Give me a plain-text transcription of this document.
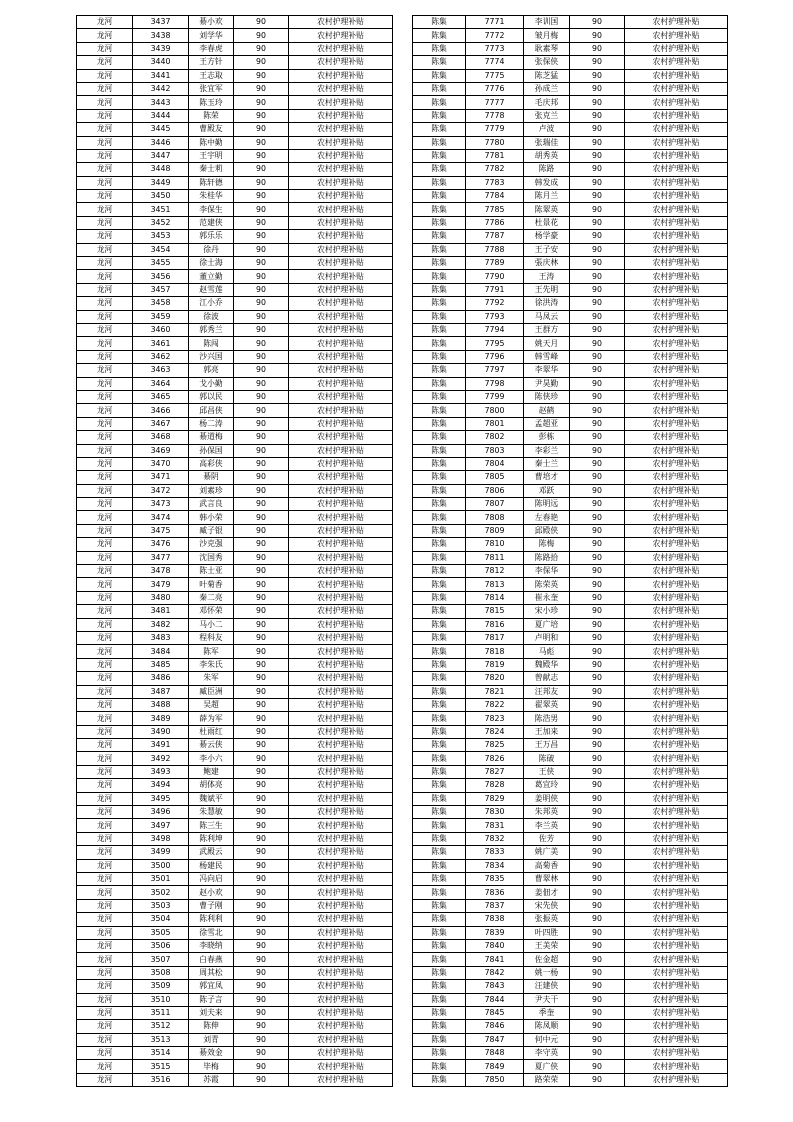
龙河	3437	綦小欢	90	农村护理补贴
龙河	3438	刘学华	90	农村护理补贴
龙河	3439	李春虎	90	农村护理补贴
龙河	3440	王方针	90	农村护理补贴
龙河	3441	王志取	90	农村护理补贴
龙河	3442	张宜军	90	农村护理补贴
龙河	3443	陈玉玲	90	农村护理补贴
龙河	3444	陈荣	90	农村护理补贴
龙河	3445	曹殿友	90	农村护理补贴
龙河	3446	陈中勤	90	农村护理补贴
龙河	3447	王宇明	90	农村护理补贴
龙河	3448	秦士莉	90	农村护理补贴
龙河	3449	陈轩德	90	农村护理补贴
龙河	3450	朱桂华	90	农村护理补贴
龙河	3451	李保生	90	农村护理补贴
龙河	3452	范建侠	90	农村护理补贴
龙河	3453	郭乐乐	90	农村护理补贴
龙河	3454	徐丹	90	农村护理补贴
龙河	3455	徐士海	90	农村护理补贴
龙河	3456	董立勤	90	农村护理补贴
龙河	3457	赵雪莲	90	农村护理补贴
龙河	3458	江小乔	90	农村护理补贴
龙河	3459	徐波	90	农村护理补贴
龙河	3460	郭秀兰	90	农村护理补贴
龙河	3461	陈闯	90	农村护理补贴
龙河	3462	沙兴国	90	农村护理补贴
龙河	3463	郭亮	90	农村护理补贴
龙河	3464	戈小勤	90	农村护理补贴
龙河	3465	郭以民	90	农村护理补贴
龙河	3466	邱昌侠	90	农村护理补贴
龙河	3467	杨二涛	90	农村护理补贴
龙河	3468	綦道梅	90	农村护理补贴
龙河	3469	孙保国	90	农村护理补贴
龙河	3470	高彩侠	90	农村护理补贴
龙河	3471	綦阴	90	农村护理补贴
龙河	3472	刘素珍	90	农村护理补贴
龙河	3473	武言良	90	农村护理补贴
龙河	3474	韩小荣	90	农村护理补贴
龙河	3475	臧子银	90	农村护理补贴
龙河	3476	沙克强	90	农村护理补贴
龙河	3477	沈国秀	90	农村护理补贴
龙河	3478	陈士亚	90	农村护理补贴
龙河	3479	叶菊香	90	农村护理补贴
龙河	3480	秦二亮	90	农村护理补贴
龙河	3481	邓怀荣	90	农村护理补贴
龙河	3482	马小二	90	农村护理补贴
龙河	3483	程科友	90	农村护理补贴
龙河	3484	陈军	90	农村护理补贴
龙河	3485	李朱氏	90	农村护理补贴
龙河	3486	朱军	90	农村护理补贴
龙河	3487	臧臣洲	90	农村护理补贴
龙河	3488	吴超	90	农村护理补贴
龙河	3489	薛为军	90	农村护理补贴
龙河	3490	杜雨红	90	农村护理补贴
龙河	3491	綦云侠	90	农村护理补贴
龙河	3492	李小六	90	农村护理补贴
龙河	3493	鲍建	90	农村护理补贴
龙河	3494	胡体亮	90	农村护理补贴
龙河	3495	魏斌平	90	农村护理补贴
龙河	3496	朱慧敏	90	农村护理补贴
龙河	3497	陈三生	90	农村护理补贴
龙河	3498	陈利坤	90	农村护理补贴
龙河	3499	武殿云	90	农村护理补贴
龙河	3500	杨建民	90	农村护理补贴
龙河	3501	冯向启	90	农村护理补贴
龙河	3502	赵小欢	90	农村护理补贴
龙河	3503	曹子刚	90	农村护理补贴
龙河	3504	陈利利	90	农村护理补贴
龙河	3505	徐雪北	90	农村护理补贴
龙河	3506	李晓纳	90	农村护理补贴
龙河	3507	白春燕	90	农村护理补贴
龙河	3508	周其松	90	农村护理补贴
龙河	3509	郭宜凤	90	农村护理补贴
龙河	3510	陈子言	90	农村护理补贴
龙河	3511	刘夫来	90	农村护理补贴
龙河	3512	陈伸	90	农村护理补贴
龙河	3513	刘青	90	农村护理补贴
龙河	3514	綦效金	90	农村护理补贴
龙河	3515	毕梅	90	农村护理补贴
龙河	3516	苏霞	90	农村护理补贴
陈集	7771	李训国	90	农村护理补贴
陈集	7772	皱月梅	90	农村护理补贴
陈集	7773	耿素琴	90	农村护理补贴
陈集	7774	张保侠	90	农村护理补贴
陈集	7775	陈芝猛	90	农村护理补贴
陈集	7776	孙成兰	90	农村护理补贴
陈集	7777	毛庆邦	90	农村护理补贴
陈集	7778	张克兰	90	农村护理补贴
陈集	7779	卢波	90	农村护理补贴
陈集	7780	张瑞佳	90	农村护理补贴
陈集	7781	胡秀英	90	农村护理补贴
陈集	7782	陈路	90	农村护理补贴
陈集	7783	韩发成	90	农村护理补贴
陈集	7784	陈月兰	90	农村护理补贴
陈集	7785	陈翠英	90	农村护理补贴
陈集	7786	杜景花	90	农村护理补贴
陈集	7787	杨学豪	90	农村护理补贴
陈集	7788	王子安	90	农村护理补贴
陈集	7789	張庆林	90	农村护理补贴
陈集	7790	王涛	90	农村护理补贴
陈集	7791	王先明	90	农村护理补贴
陈集	7792	徐洪涛	90	农村护理补贴
陈集	7793	马凤云	90	农村护理补贴
陈集	7794	王群方	90	农村护理补贴
陈集	7795	姚天月	90	农村护理补贴
陈集	7796	韩雪峰	90	农村护理补贴
陈集	7797	李翠华	90	农村护理补贴
陈集	7798	尹昊勤	90	农村护理补贴
陈集	7799	陈侠珍	90	农村护理补贴
陈集	7800	赵鹤	90	农村护理补贴
陈集	7801	孟超亚	90	农村护理补贴
陈集	7802	彭栋	90	农村护理补贴
陈集	7803	李彩兰	90	农村护理补贴
陈集	7804	秦士兰	90	农村护理补贴
陈集	7805	曹培才	90	农村护理补贴
陈集	7806	邓跃	90	农村护理补贴
陈集	7807	陈明远	90	农村护理补贴
陈集	7808	左春艳	90	农村护理补贴
陈集	7809	邱殿侠	90	农村护理补贴
陈集	7810	陈梅	90	农村护理补贴
陈集	7811	陈路拾	90	农村护理补贴
陈集	7812	李保华	90	农村护理补贴
陈集	7813	陈荣英	90	农村护理补贴
陈集	7814	崔永奎	90	农村护理补贴
陈集	7815	宋小珍	90	农村护理补贴
陈集	7816	夏广培	90	农村护理补贴
陈集	7817	卢明和	90	农村护理补贴
陈集	7818	马彪	90	农村护理补贴
陈集	7819	魏殿华	90	农村护理补贴
陈集	7820	曾献志	90	农村护理补贴
陈集	7821	汪邦友	90	农村护理补贴
陈集	7822	翟翠英	90	农村护理补贴
陈集	7823	陈浩男	90	农村护理补贴
陈集	7824	王加来	90	农村护理补贴
陈集	7825	王万昌	90	农村护理补贴
陈集	7826	陈破	90	农村护理补贴
陈集	7827	王侠	90	农村护理补贴
陈集	7828	葛宜玲	90	农村护理补贴
陈集	7829	姜明侠	90	农村护理补贴
陈集	7830	朱邦英	90	农村护理补贴
陈集	7831	李兰英	90	农村护理补贴
陈集	7832	佐芳	90	农村护理补贴
陈集	7833	姚广美	90	农村护理补贴
陈集	7834	高菊香	90	农村护理补贴
陈集	7835	曹翠林	90	农村护理补贴
陈集	7836	姜佃才	90	农村护理补贴
陈集	7837	宋先侠	90	农村护理补贴
陈集	7838	张振英	90	农村护理补贴
陈集	7839	叶四胜	90	农村护理补贴
陈集	7840	王美荣	90	农村护理补贴
陈集	7841	佐金超	90	农村护理补贴
陈集	7842	姚一杨	90	农村护理补贴
陈集	7843	汪建侠	90	农村护理补贴
陈集	7844	尹夫干	90	农村护理补贴
陈集	7845	季奎	90	农村护理补贴
陈集	7846	陈凤顺	90	农村护理补贴
陈集	7847	何中元	90	农村护理补贴
陈集	7848	李守英	90	农村护理补贴
陈集	7849	夏广侠	90	农村护理补贴
陈集	7850	路荣荣	90	农村护理补贴
